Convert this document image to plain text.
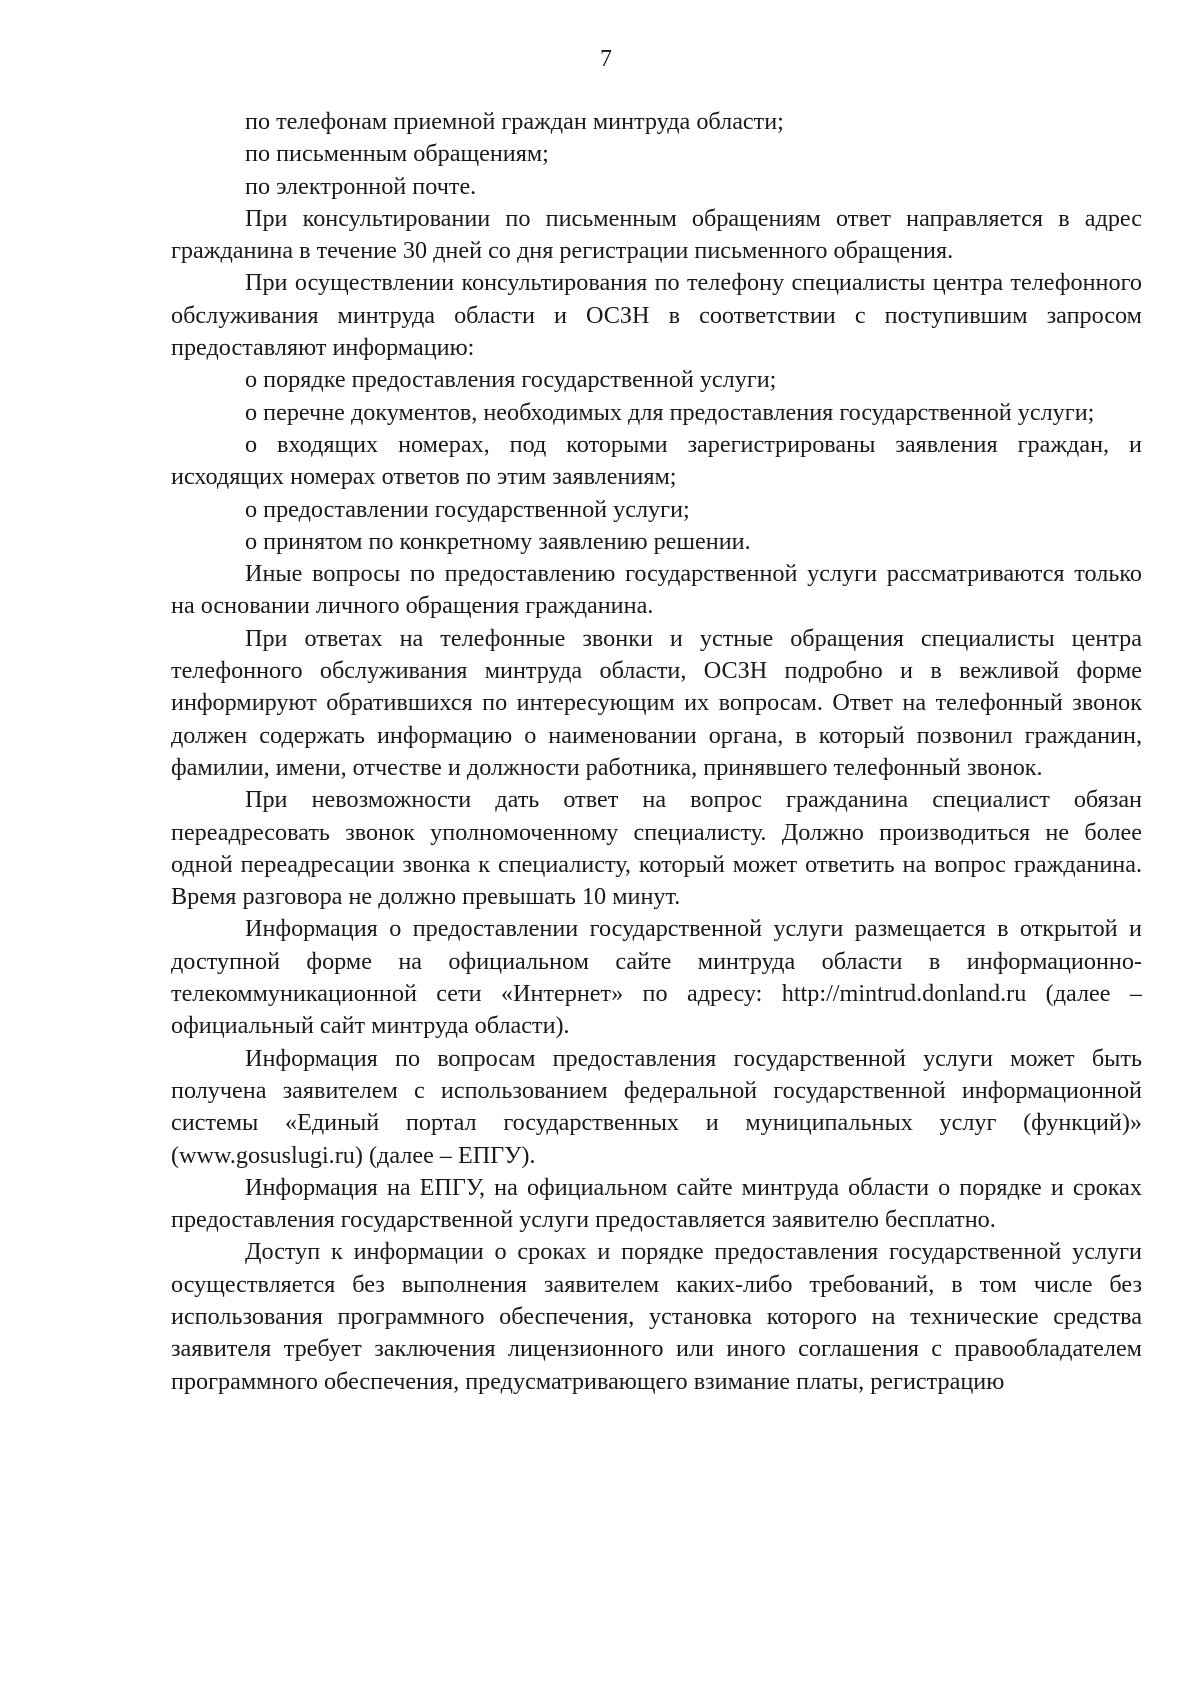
7

по телефонам приемной граждан минтруда области;

по письменным обращениям;

по электронной почте.

При консультировании по письменным обращениям ответ направляется в адрес гражданина в течение 30 дней со дня регистрации письменного обращения.

При осуществлении консультирования по телефону специалисты центра телефонного обслуживания минтруда области и ОСЗН в соответствии с поступившим запросом предоставляют информацию:

о порядке предоставления государственной услуги;

о перечне документов, необходимых для предоставления государственной услуги;

о входящих номерах, под которыми зарегистрированы заявления граждан, и исходящих номерах ответов по этим заявлениям;

о предоставлении государственной услуги;

о принятом по конкретному заявлению решении.

Иные вопросы по предоставлению государственной услуги рассматриваются только на основании личного обращения гражданина.

При ответах на телефонные звонки и устные обращения специалисты центра телефонного обслуживания минтруда области, ОСЗН подробно и в вежливой форме информируют обратившихся по интересующим их вопросам. Ответ на телефонный звонок должен содержать информацию о наименовании органа, в который позвонил гражданин, фамилии, имени, отчестве и должности работника, принявшего телефонный звонок.

При невозможности дать ответ на вопрос гражданина специалист обязан переадресовать звонок уполномоченному специалисту. Должно производиться не более одной переадресации звонка к специалисту, который может ответить на вопрос гражданина. Время разговора не должно превышать 10 минут.

Информация о предоставлении государственной услуги размещается в открытой и доступной форме на официальном сайте минтруда области в информационно-телекоммуникационной сети «Интернет» по адресу: http://mintrud.donland.ru (далее – официальный сайт минтруда области).

Информация по вопросам предоставления государственной услуги может быть получена заявителем с использованием федеральной государственной информационной системы «Единый портал государственных и муниципальных услуг (функций)» (www.gosuslugi.ru) (далее – ЕПГУ).

Информация на ЕПГУ, на официальном сайте минтруда области о порядке и сроках предоставления государственной услуги предоставляется заявителю бесплатно.

Доступ к информации о сроках и порядке предоставления государственной услуги осуществляется без выполнения заявителем каких-либо требований, в том числе без использования программного обеспечения, установка которого на технические средства заявителя требует заключения лицензионного или иного соглашения с правообладателем программного обеспечения, предусматривающего взимание платы, регистрацию
